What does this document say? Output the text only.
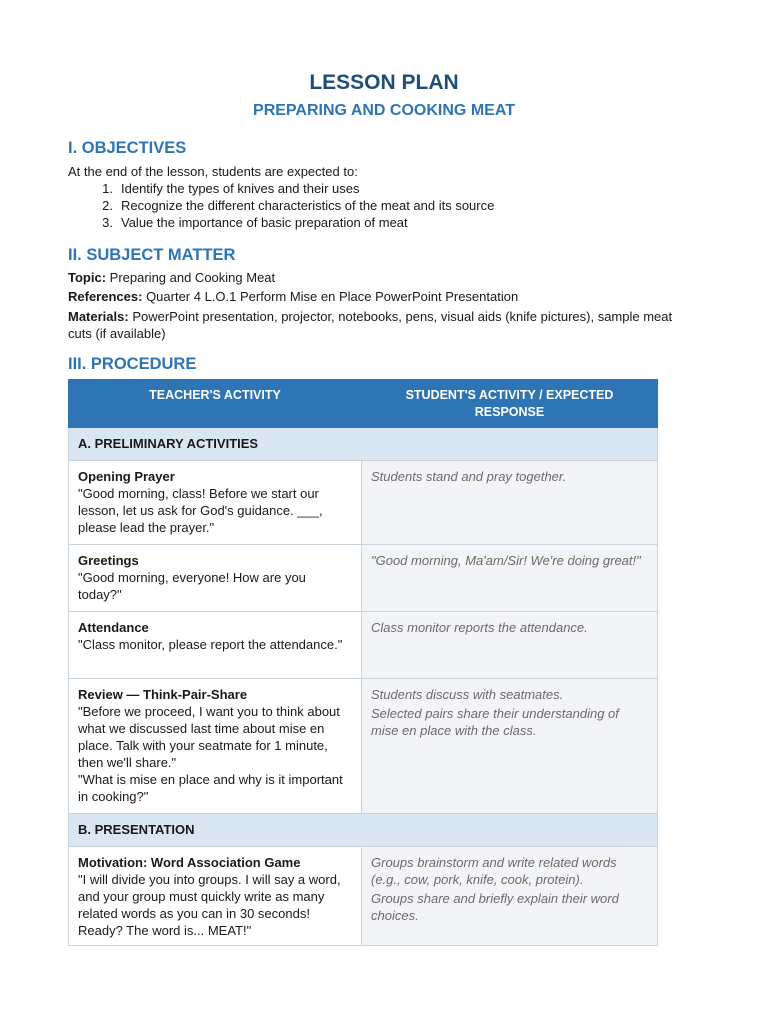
LESSON PLAN
PREPARING AND COOKING MEAT
I. OBJECTIVES
At the end of the lesson, students are expected to:
1. Identify the types of knives and their uses
2. Recognize the different characteristics of the meat and its source
3. Value the importance of basic preparation of meat
II. SUBJECT MATTER
Topic: Preparing and Cooking Meat
References: Quarter 4 L.O.1 Perform Mise en Place PowerPoint Presentation
Materials: PowerPoint presentation, projector, notebooks, pens, visual aids (knife pictures), sample meat cuts (if available)
III. PROCEDURE
TEACHER'S ACTIVITY	STUDENT'S ACTIVITY / EXPECTED RESPONSE
A. PRELIMINARY ACTIVITIES	

Opening Prayer
"Good morning, class! Before we start our lesson, let us ask for God's guidance. ___, please lead the prayer."	Students stand and pray together.

Greetings
"Good morning, everyone! How are you today?"	"Good morning, Ma'am/Sir! We're doing great!"

Attendance
"Class monitor, please report the attendance."	Class monitor reports the attendance.

Review — Think-Pair-Share
"Before we proceed, I want you to think about what we discussed last time about mise en place. Talk with your seatmate for 1 minute, then we'll share."
"What is mise en place and why is it important in cooking?"	Students discuss with seatmates.
Selected pairs share their understanding of mise en place with the class.

B. PRESENTATION	

Motivation: Word Association Game
"I will divide you into groups. I will say a word, and your group must quickly write as many related words as you can in 30 seconds! Ready? The word is... MEAT!"	Groups brainstorm and write related words (e.g., cow, pork, knife, cook, protein).
Groups share and briefly explain their word choices.
